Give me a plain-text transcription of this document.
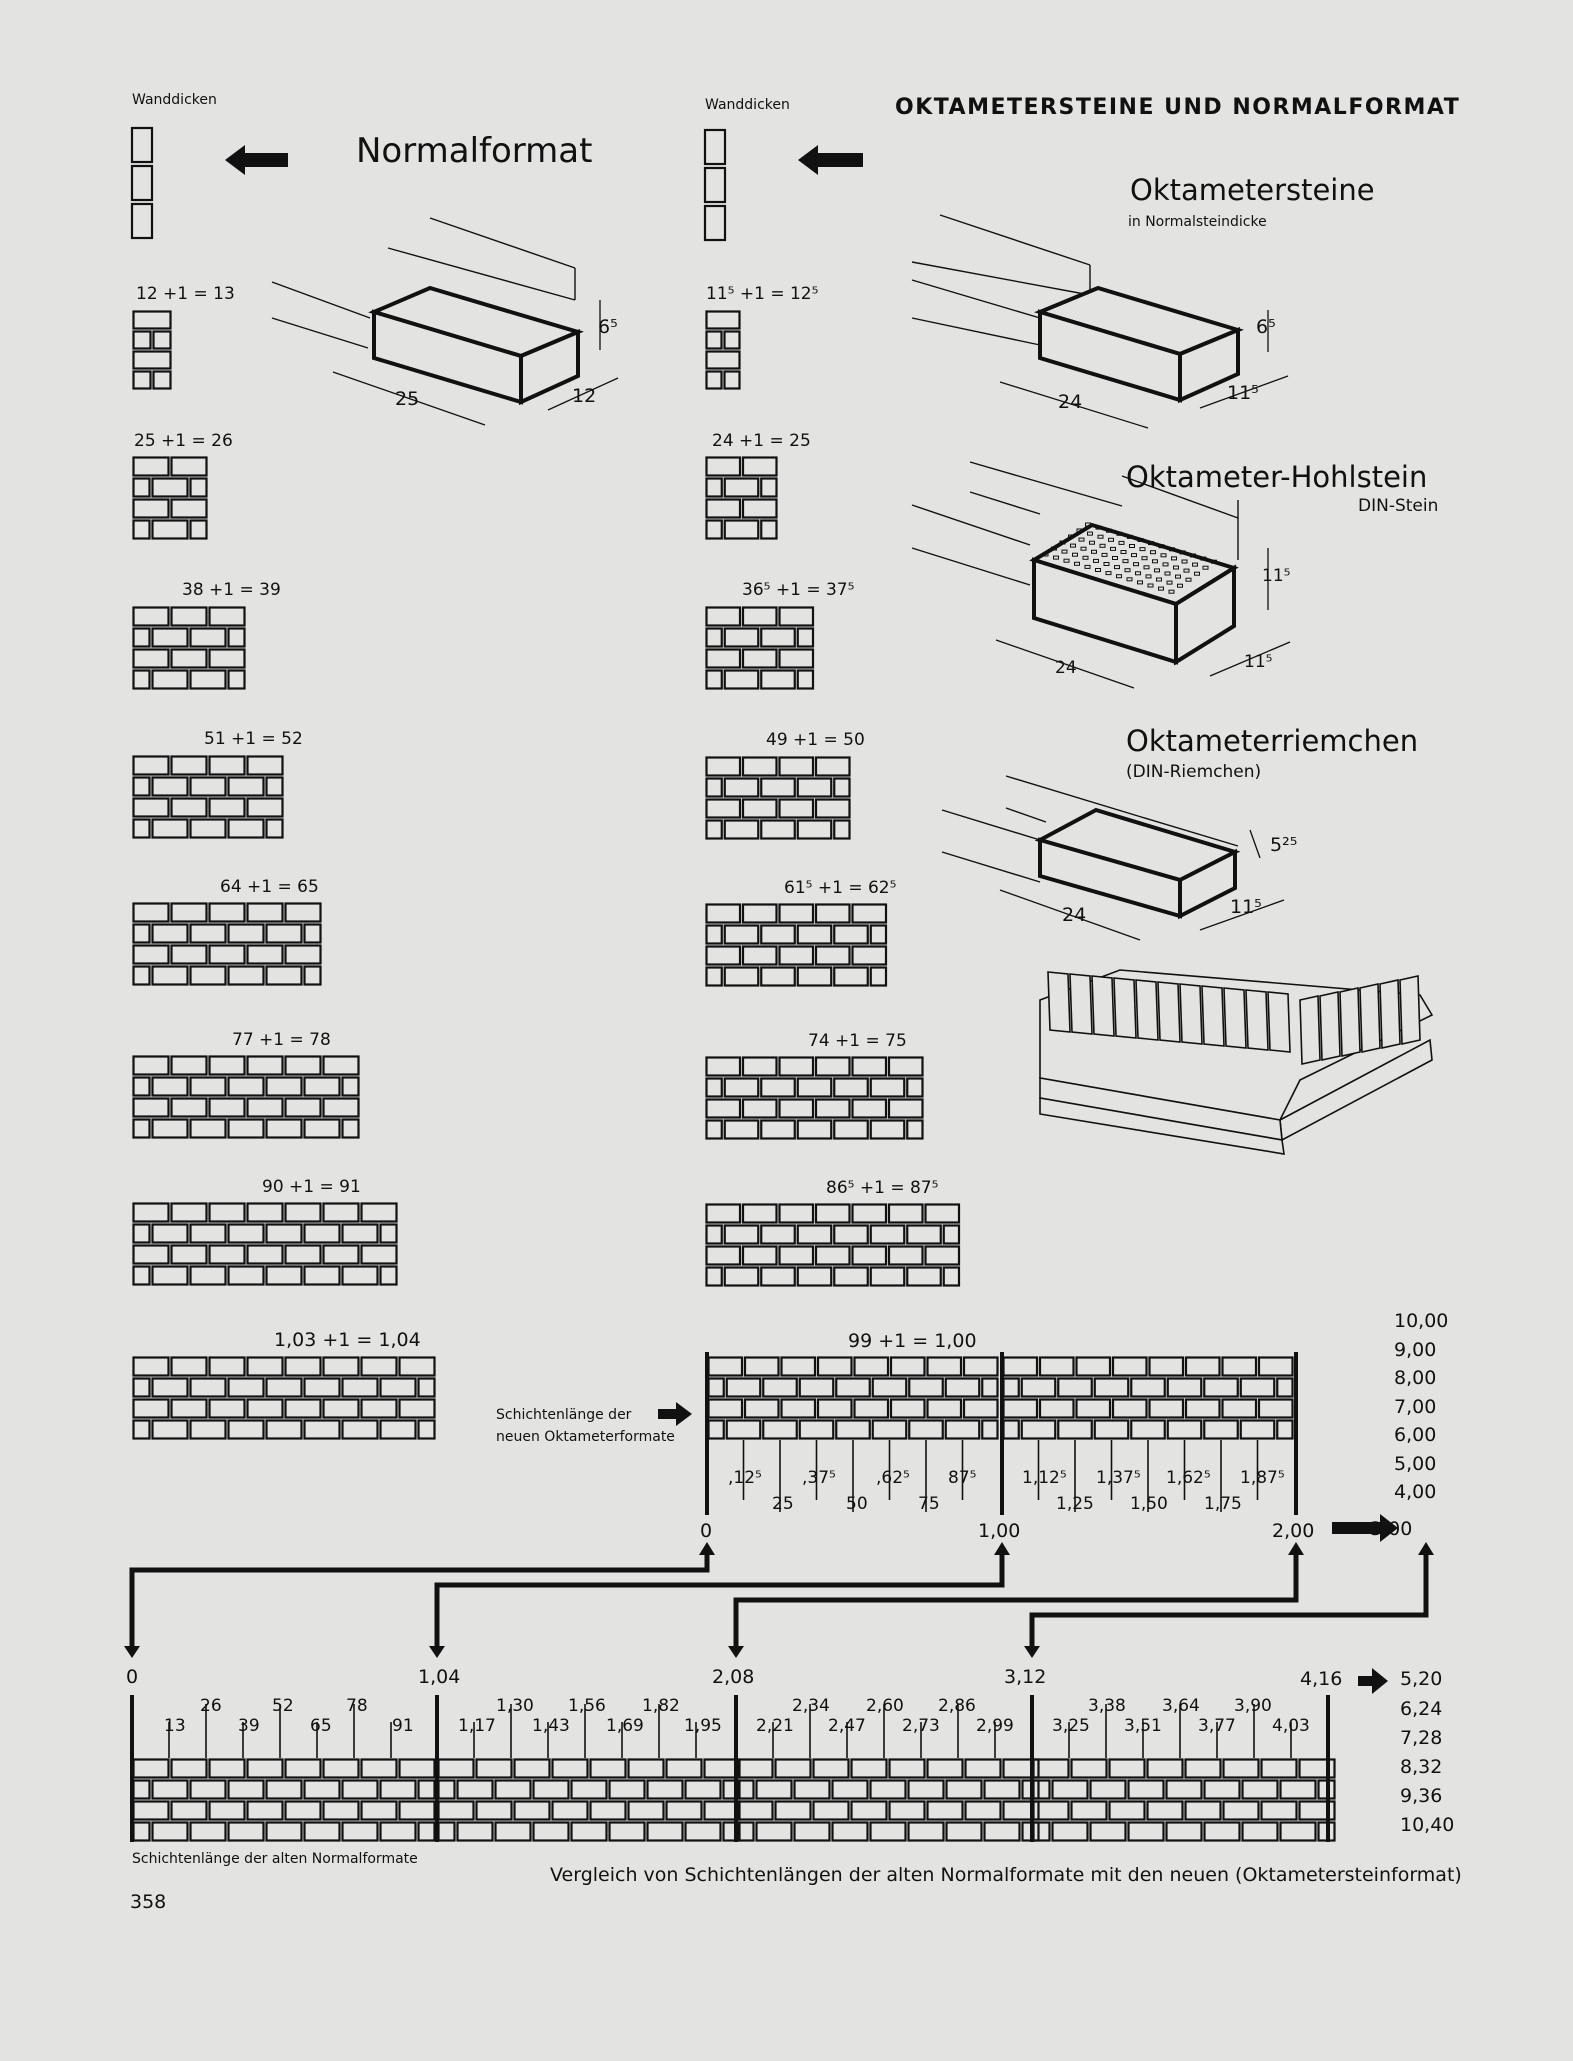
OKTAMETERSTEINE UND NORMALFORMAT
Wanddicken	Wanddicken
Normalformat
Oktametersteine
in Normalsteindicke
Oktameter-Hohlstein
DIN-Stein
Oktameterriemchen
(DIN-Riemchen)
25	12
6⁵
24	11⁵
6⁵
24	11⁵
11⁵
24	11⁵
5²⁵
12 +1 = 13
25 +1 = 26
38 +1 = 39
51 +1 = 52
64 +1 = 65
77 +1 = 78
90 +1 = 91
1,03 +1 = 1,04
11⁵ +1 = 12⁵
24 +1 = 25
36⁵ +1 = 37⁵
49 +1 = 50
61⁵ +1 = 62⁵
74 +1 = 75
86⁵ +1 = 87⁵
99 +1 = 1,00
Schichtenlänge der
neuen Oktameterformate
,12⁵ ,37⁵ ,62⁵ 87⁵	1,12⁵ 1,37⁵ 1,62⁵ 1,87⁵
25	50	75	1,25 1,50 1,75
0	1,00	2,00	3,00
10,00
9,00
8,00
7,00
6,00
5,00
4,00
0	1,04	2,08	3,12	4,16	5,20
26	52	78	1,30 1,56 1,82	2,34 2,60 2,86	3,38 3,64 3,90
13	39	65	91	1,17 1,43 1,69 1,95 2,21 2,47 2,73 2,99 3,25 3,51 3,77 4,03
6,24
7,28
8,32
9,36
10,40
Schichtenlänge der alten Normalformate
Vergleich von Schichtenlängen der alten Normalformate mit den neuen (Oktametersteinformat)
358
